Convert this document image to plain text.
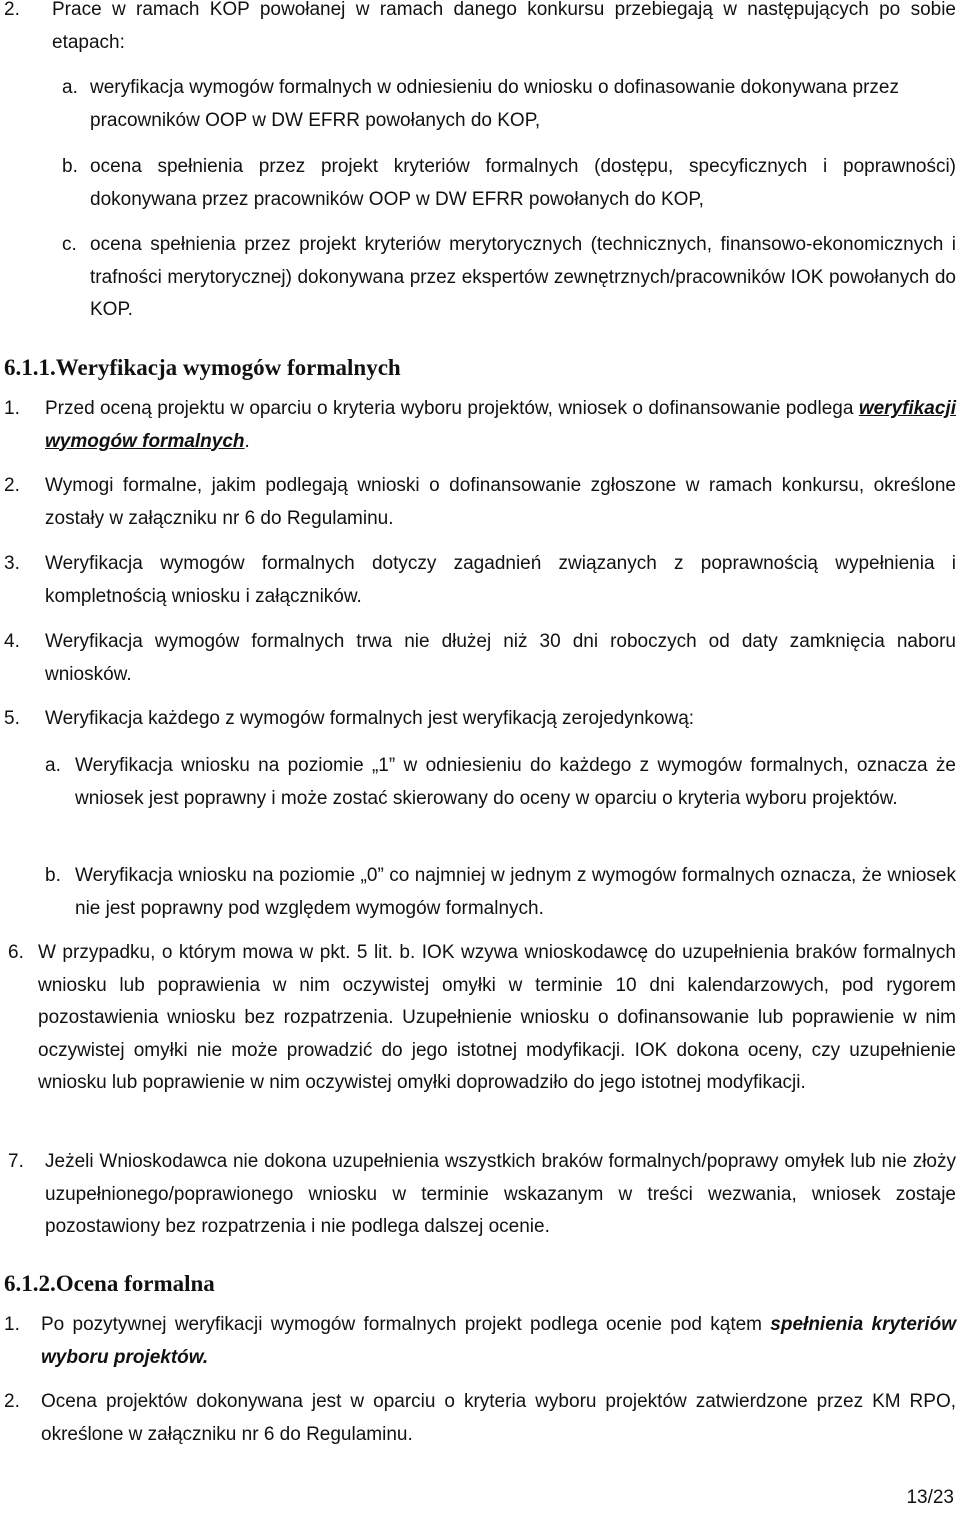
2. Prace w ramach KOP powołanej w ramach danego konkursu przebiegają w następujących po sobie etapach:
a. weryfikacja wymogów formalnych w odniesieniu do wniosku o dofinasowanie dokonywana przez pracowników OOP w DW EFRR powołanych do KOP,
b. ocena spełnienia przez projekt kryteriów formalnych (dostępu, specyficznych i poprawności) dokonywana przez pracowników OOP w DW EFRR powołanych do KOP,
c. ocena spełnienia przez projekt kryteriów merytorycznych (technicznych, finansowo-ekonomicznych i trafności merytorycznej) dokonywana przez ekspertów zewnętrznych/pracowników IOK powołanych do KOP.
6.1.1.Weryfikacja wymogów formalnych
1. Przed oceną projektu w oparciu o kryteria wyboru projektów, wniosek o dofinansowanie podlega weryfikacji wymogów formalnych.
2. Wymogi formalne, jakim podlegają wnioski o dofinansowanie zgłoszone w ramach konkursu, określone zostały w załączniku nr 6 do Regulaminu.
3. Weryfikacja wymogów formalnych dotyczy zagadnień związanych z poprawnością wypełnienia i kompletnością wniosku i załączników.
4. Weryfikacja wymogów formalnych trwa nie dłużej niż 30 dni roboczych od daty zamknięcia naboru wniosków.
5. Weryfikacja każdego z wymogów formalnych jest weryfikacją zerojedynkową:
a. Weryfikacja wniosku na poziomie „1” w odniesieniu do każdego z wymogów formalnych, oznacza że wniosek jest poprawny i może zostać skierowany do oceny w oparciu o kryteria wyboru projektów.
b. Weryfikacja wniosku na poziomie „0” co najmniej w jednym z wymogów formalnych oznacza, że wniosek nie jest poprawny pod względem wymogów formalnych.
6. W przypadku, o którym mowa w pkt. 5 lit. b. IOK wzywa wnioskodawcę do uzupełnienia braków formalnych wniosku lub poprawienia w nim oczywistej omyłki w terminie 10 dni kalendarzowych, pod rygorem pozostawienia wniosku bez rozpatrzenia. Uzupełnienie wniosku o dofinansowanie lub poprawienie w nim oczywistej omyłki nie może prowadzić do jego istotnej modyfikacji. IOK dokona oceny, czy uzupełnienie wniosku lub poprawienie w nim oczywistej omyłki doprowadziło do jego istotnej modyfikacji.
7. Jeżeli Wnioskodawca nie dokona uzupełnienia wszystkich braków formalnych/poprawy omyłek lub nie złoży uzupełnionego/poprawionego wniosku w terminie wskazanym w treści wezwania, wniosek zostaje pozostawiony bez rozpatrzenia i nie podlega dalszej ocenie.
6.1.2.Ocena formalna
1. Po pozytywnej weryfikacji wymogów formalnych projekt podlega ocenie pod kątem spełnienia kryteriów wyboru projektów.
2. Ocena projektów dokonywana jest w oparciu o kryteria wyboru projektów zatwierdzone przez KM RPO, określone w załączniku nr 6 do Regulaminu.
13/23
